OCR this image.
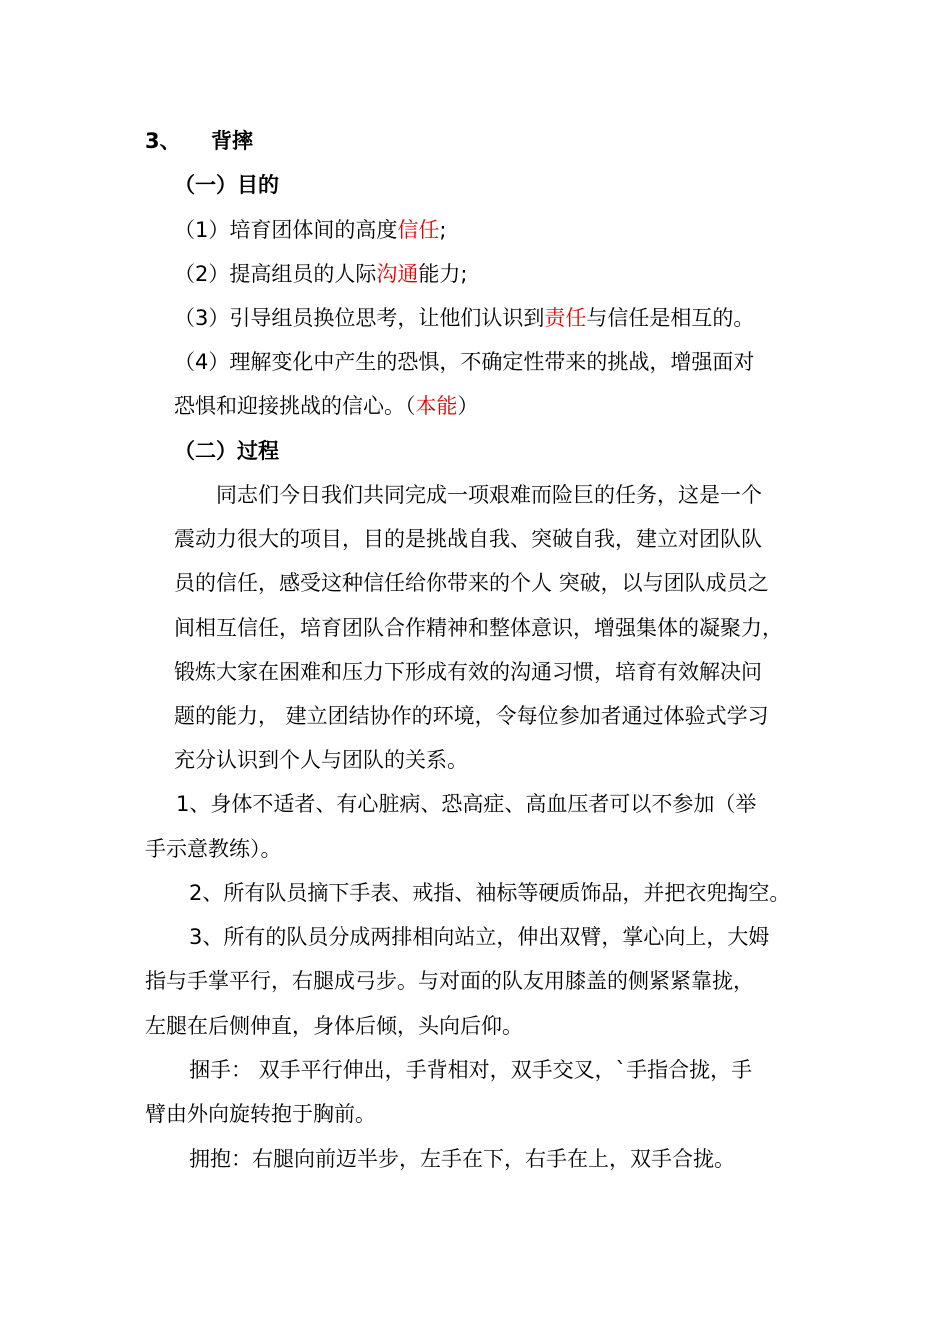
3、 背摔
（一）目的
（1）培育团体间的高度信任;
（2）提高组员的人际沟通能力;
（3）引导组员换位思考，让他们认识到责任与信任是相互的。
（4）理解变化中产生的恐惧，不确定性带来的挑战，增强面对
恐惧和迎接挑战的信心。（本能）
（二）过程
同志们今日我们共同完成一项艰难而险巨的任务，这是一个
震动力很大的项目，目的是挑战自我、突破自我，建立对团队队
员的信任，感受这种信任给你带来的个人 突破，以与团队成员之
间相互信任，培育团队合作精神和整体意识，增强集体的凝聚力，
锻炼大家在困难和压力下形成有效的沟通习惯，培育有效解决问
题的能力， 建立团结协作的环境，令每位参加者通过体验式学习
充分认识到个人与团队的关系。
1、身体不适者、有心脏病、恐高症、高血压者可以不参加（举
手示意教练）。
2、所有队员摘下手表、戒指、袖标等硬质饰品，并把衣兜掏空。
3、所有的队员分成两排相向站立，伸出双臂，掌心向上，大姆
指与手掌平行，右腿成弓步。与对面的队友用膝盖的侧紧紧靠拢，
左腿在后侧伸直，身体后倾，头向后仰。
捆手： 双手平行伸出，手背相对，双手交叉，`手指合拢，手
臂由外向旋转抱于胸前。
拥抱：右腿向前迈半步，左手在下，右手在上，双手合拢。
